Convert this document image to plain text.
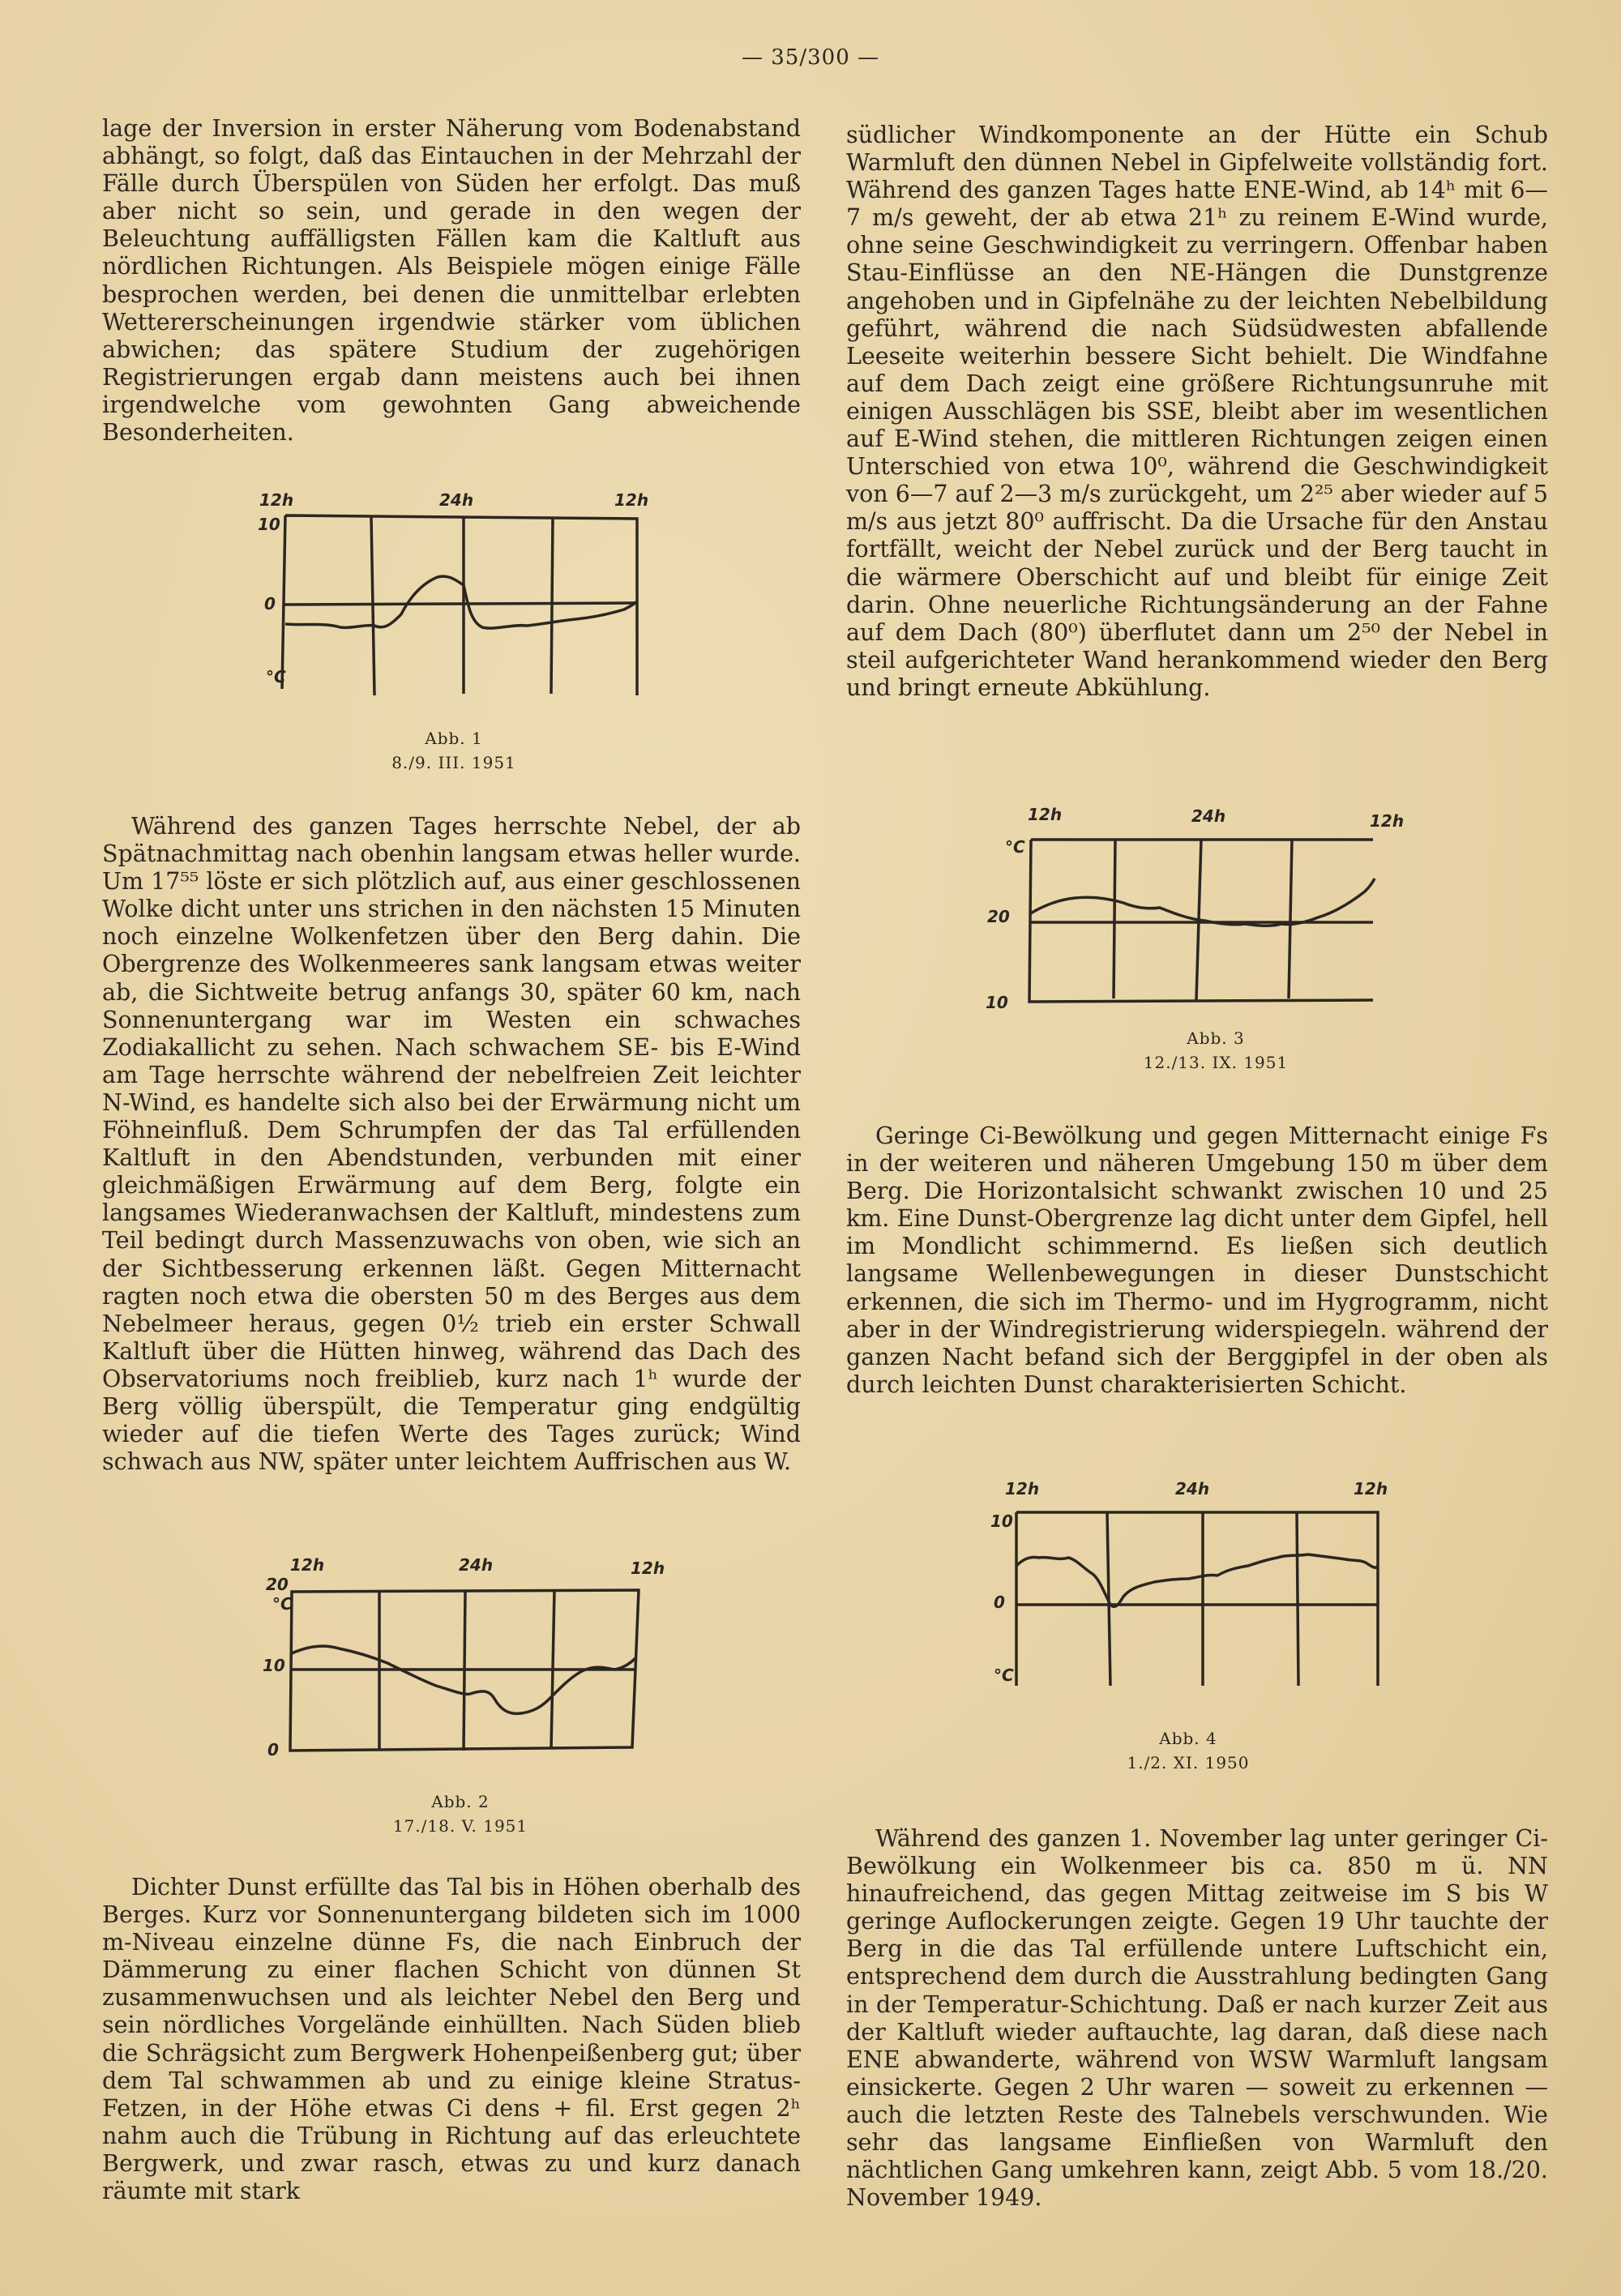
— 35/300 —

lage der Inversion in erster Näherung vom Bodenabstand abhängt, so folgt, daß das Eintauchen in der Mehrzahl der Fälle durch Überspülen von Süden her erfolgt. Das muß aber nicht so sein, und gerade in den wegen der Beleuchtung auffälligsten Fällen kam die Kaltluft aus nördlichen Richtungen. Als Beispiele mögen einige Fälle besprochen werden, bei denen die unmittelbar erlebten Wettererscheinungen irgendwie stärker vom üblichen abwichen; das spätere Studium der zugehörigen Registrierungen ergab dann meistens auch bei ihnen irgendwelche vom gewohnten Gang abweichende Besonderheiten.

12h	24h	12h
10
0
°C
Abb. 1
8./9. III. 1951

Während des ganzen Tages herrschte Nebel, der ab Spätnachmittag nach obenhin langsam etwas heller wurde. Um 17⁵⁵ löste er sich plötzlich auf, aus einer geschlossenen Wolke dicht unter uns strichen in den nächsten 15 Minuten noch einzelne Wolkenfetzen über den Berg dahin. Die Obergrenze des Wolkenmeeres sank langsam etwas weiter ab, die Sichtweite betrug anfangs 30, später 60 km, nach Sonnenuntergang war im Westen ein schwaches Zodiakallicht zu sehen. Nach schwachem SE- bis E-Wind am Tage herrschte während der nebelfreien Zeit leichter N-Wind, es handelte sich also bei der Erwärmung nicht um Föhneinfluß. Dem Schrumpfen der das Tal erfüllenden Kaltluft in den Abendstunden, verbunden mit einer gleichmäßigen Erwärmung auf dem Berg, folgte ein langsames Wiederanwachsen der Kaltluft, mindestens zum Teil bedingt durch Massenzuwachs von oben, wie sich an der Sichtbesserung erkennen läßt. Gegen Mitternacht ragten noch etwa die obersten 50 m des Berges aus dem Nebelmeer heraus, gegen 0½ trieb ein erster Schwall Kaltluft über die Hütten hinweg, während das Dach des Observatoriums noch freiblieb, kurz nach 1ʰ wurde der Berg völlig überspült, die Temperatur ging endgültig wieder auf die tiefen Werte des Tages zurück; Wind schwach aus NW, später unter leichtem Auffrischen aus W.

12h	24h	12h
20
°C
10
0
Abb. 2
17./18. V. 1951

Dichter Dunst erfüllte das Tal bis in Höhen oberhalb des Berges. Kurz vor Sonnenuntergang bildeten sich im 1000 m-Niveau einzelne dünne Fs, die nach Einbruch der Dämmerung zu einer flachen Schicht von dünnen St zusammenwuchsen und als leichter Nebel den Berg und sein nördliches Vorgelände einhüllten. Nach Süden blieb die Schrägsicht zum Bergwerk Hohenpeißenberg gut; über dem Tal schwammen ab und zu einige kleine Stratus-Fetzen, in der Höhe etwas Ci dens + fil. Erst gegen 2ʰ nahm auch die Trübung in Richtung auf das erleuchtete Bergwerk, und zwar rasch, etwas zu und kurz danach räumte mit stark

südlicher Windkomponente an der Hütte ein Schub Warmluft den dünnen Nebel in Gipfelweite vollständig fort. Während des ganzen Tages hatte ENE-Wind, ab 14ʰ mit 6—7 m/s geweht, der ab etwa 21ʰ zu reinem E-Wind wurde, ohne seine Geschwindigkeit zu verringern. Offenbar haben Stau-Einflüsse an den NE-Hängen die Dunstgrenze angehoben und in Gipfelnähe zu der leichten Nebelbildung geführt, während die nach Südsüdwesten abfallende Leeseite weiterhin bessere Sicht behielt. Die Windfahne auf dem Dach zeigt eine größere Richtungsunruhe mit einigen Ausschlägen bis SSE, bleibt aber im wesentlichen auf E-Wind stehen, die mittleren Richtungen zeigen einen Unterschied von etwa 10⁰, während die Geschwindigkeit von 6—7 auf 2—3 m/s zurückgeht, um 2²⁵ aber wieder auf 5 m/s aus jetzt 80⁰ auffrischt. Da die Ursache für den Anstau fortfällt, weicht der Nebel zurück und der Berg taucht in die wärmere Oberschicht auf und bleibt für einige Zeit darin. Ohne neuerliche Richtungsänderung an der Fahne auf dem Dach (80⁰) überflutet dann um 2⁵⁰ der Nebel in steil aufgerichteter Wand herankommend wieder den Berg und bringt erneute Abkühlung.

12h	24h	12h
°C
20
10
Abb. 3
12./13. IX. 1951

Geringe Ci-Bewölkung und gegen Mitternacht einige Fs in der weiteren und näheren Umgebung 150 m über dem Berg. Die Horizontalsicht schwankt zwischen 10 und 25 km. Eine Dunst-Obergrenze lag dicht unter dem Gipfel, hell im Mondlicht schimmernd. Es ließen sich deutlich langsame Wellenbewegungen in dieser Dunstschicht erkennen, die sich im Thermo- und im Hygrogramm, nicht aber in der Windregistrierung widerspiegeln. während der ganzen Nacht befand sich der Berggipfel in der oben als durch leichten Dunst charakterisierten Schicht.

12h	24h	12h
10
0
°C
Abb. 4
1./2. XI. 1950

Während des ganzen 1. November lag unter geringer Ci-Bewölkung ein Wolkenmeer bis ca. 850 m ü. NN hinaufreichend, das gegen Mittag zeitweise im S bis W geringe Auflockerungen zeigte. Gegen 19 Uhr tauchte der Berg in die das Tal erfüllende untere Luftschicht ein, entsprechend dem durch die Ausstrahlung bedingten Gang in der Temperatur-Schichtung. Daß er nach kurzer Zeit aus der Kaltluft wieder auftauchte, lag daran, daß diese nach ENE abwanderte, während von WSW Warmluft langsam einsickerte. Gegen 2 Uhr waren — soweit zu erkennen — auch die letzten Reste des Talnebels verschwunden. Wie sehr das langsame Einfließen von Warmluft den nächtlichen Gang umkehren kann, zeigt Abb. 5 vom 18./20. November 1949.
